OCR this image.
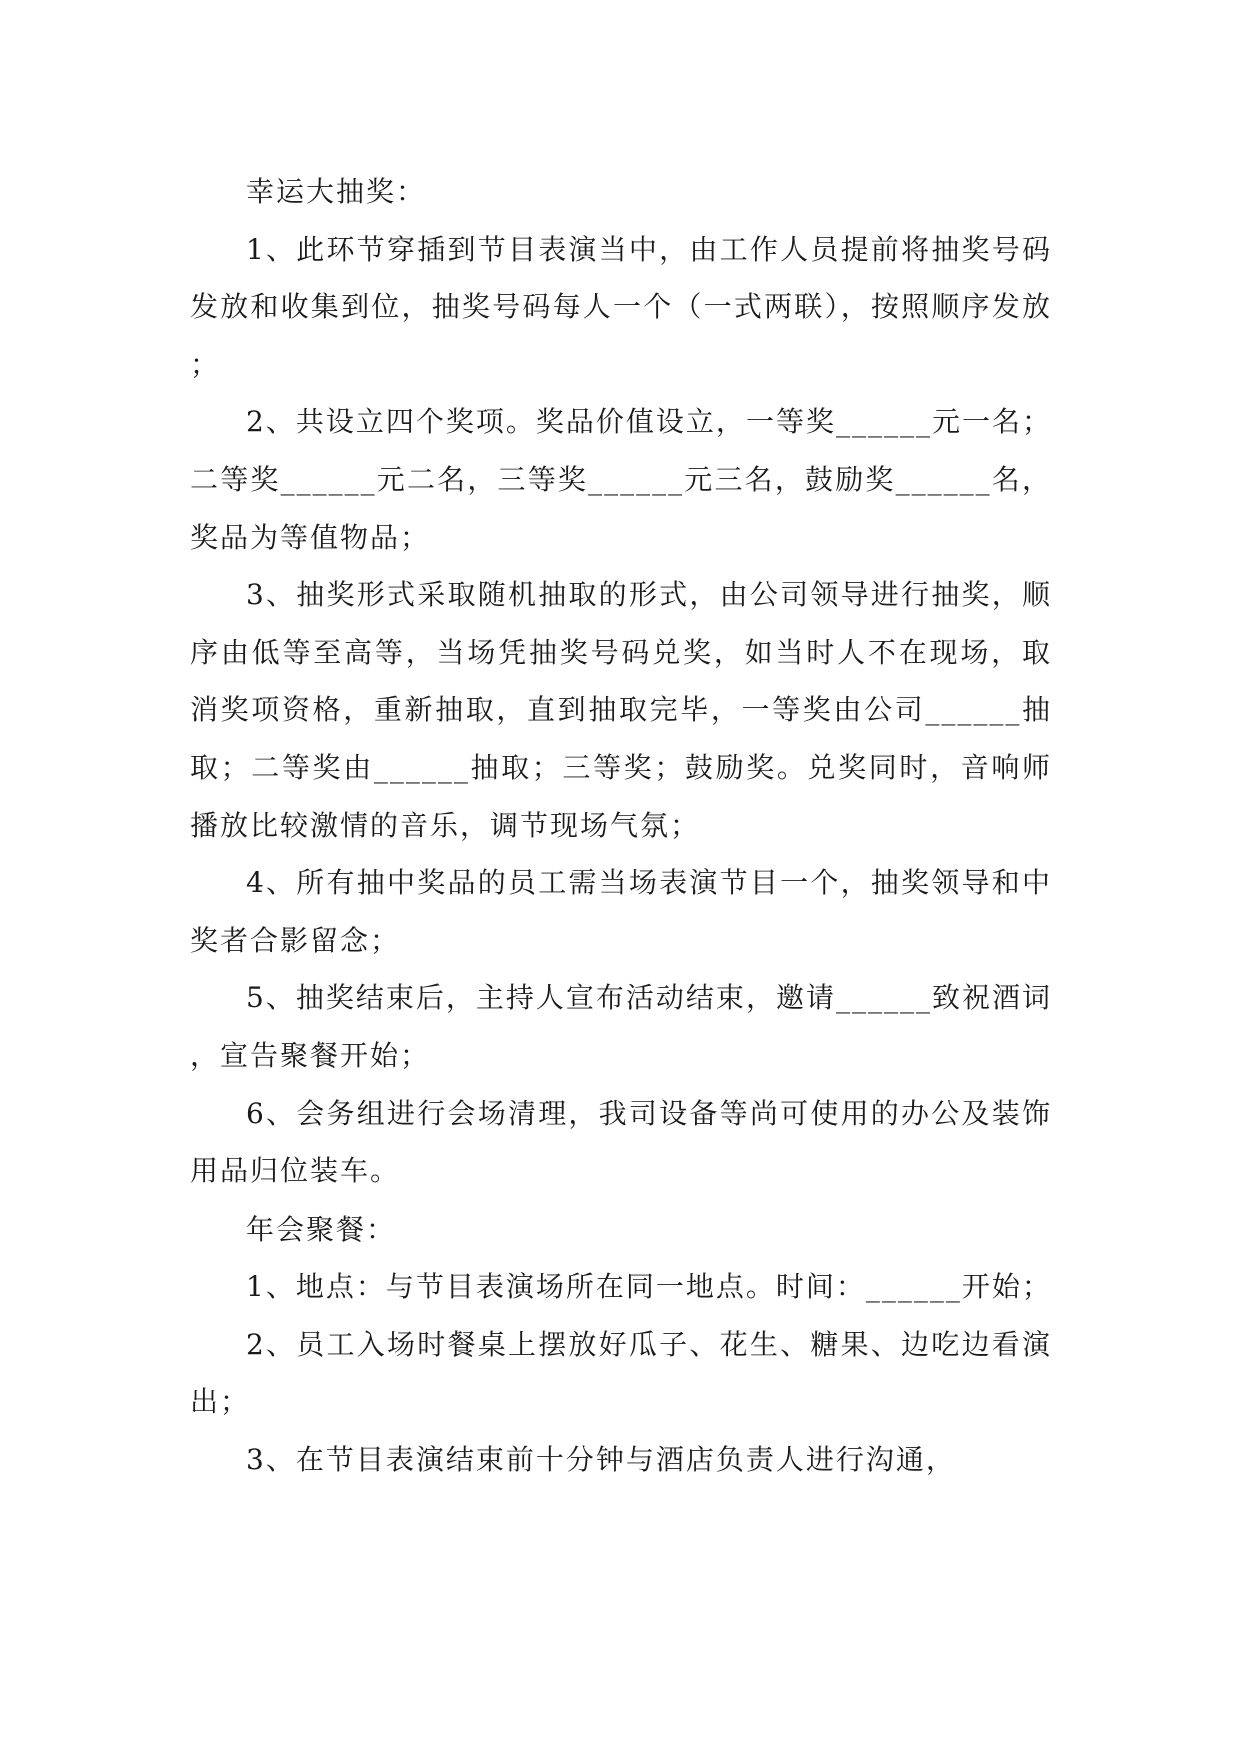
幸运大抽奖：

1、此环节穿插到节目表演当中，由工作人员提前将抽奖号码发放和收集到位，抽奖号码每人一个（一式两联），按照顺序发放；

2、共设立四个奖项。奖品价值设立，一等奖______元一名；二等奖______元二名，三等奖______元三名，鼓励奖______名，奖品为等值物品；

3、抽奖形式采取随机抽取的形式，由公司领导进行抽奖，顺序由低等至高等，当场凭抽奖号码兑奖，如当时人不在现场，取消奖项资格，重新抽取，直到抽取完毕，一等奖由公司______抽取；二等奖由______抽取；三等奖；鼓励奖。兑奖同时，音响师播放比较激情的音乐，调节现场气氛；

4、所有抽中奖品的员工需当场表演节目一个，抽奖领导和中奖者合影留念；

5、抽奖结束后，主持人宣布活动结束，邀请______致祝酒词，宣告聚餐开始；

6、会务组进行会场清理，我司设备等尚可使用的办公及装饰用品归位装车。

年会聚餐：

1、地点：与节目表演场所在同一地点。时间：______开始；

2、员工入场时餐桌上摆放好瓜子、花生、糖果、边吃边看演出；

3、在节目表演结束前十分钟与酒店负责人进行沟通，
